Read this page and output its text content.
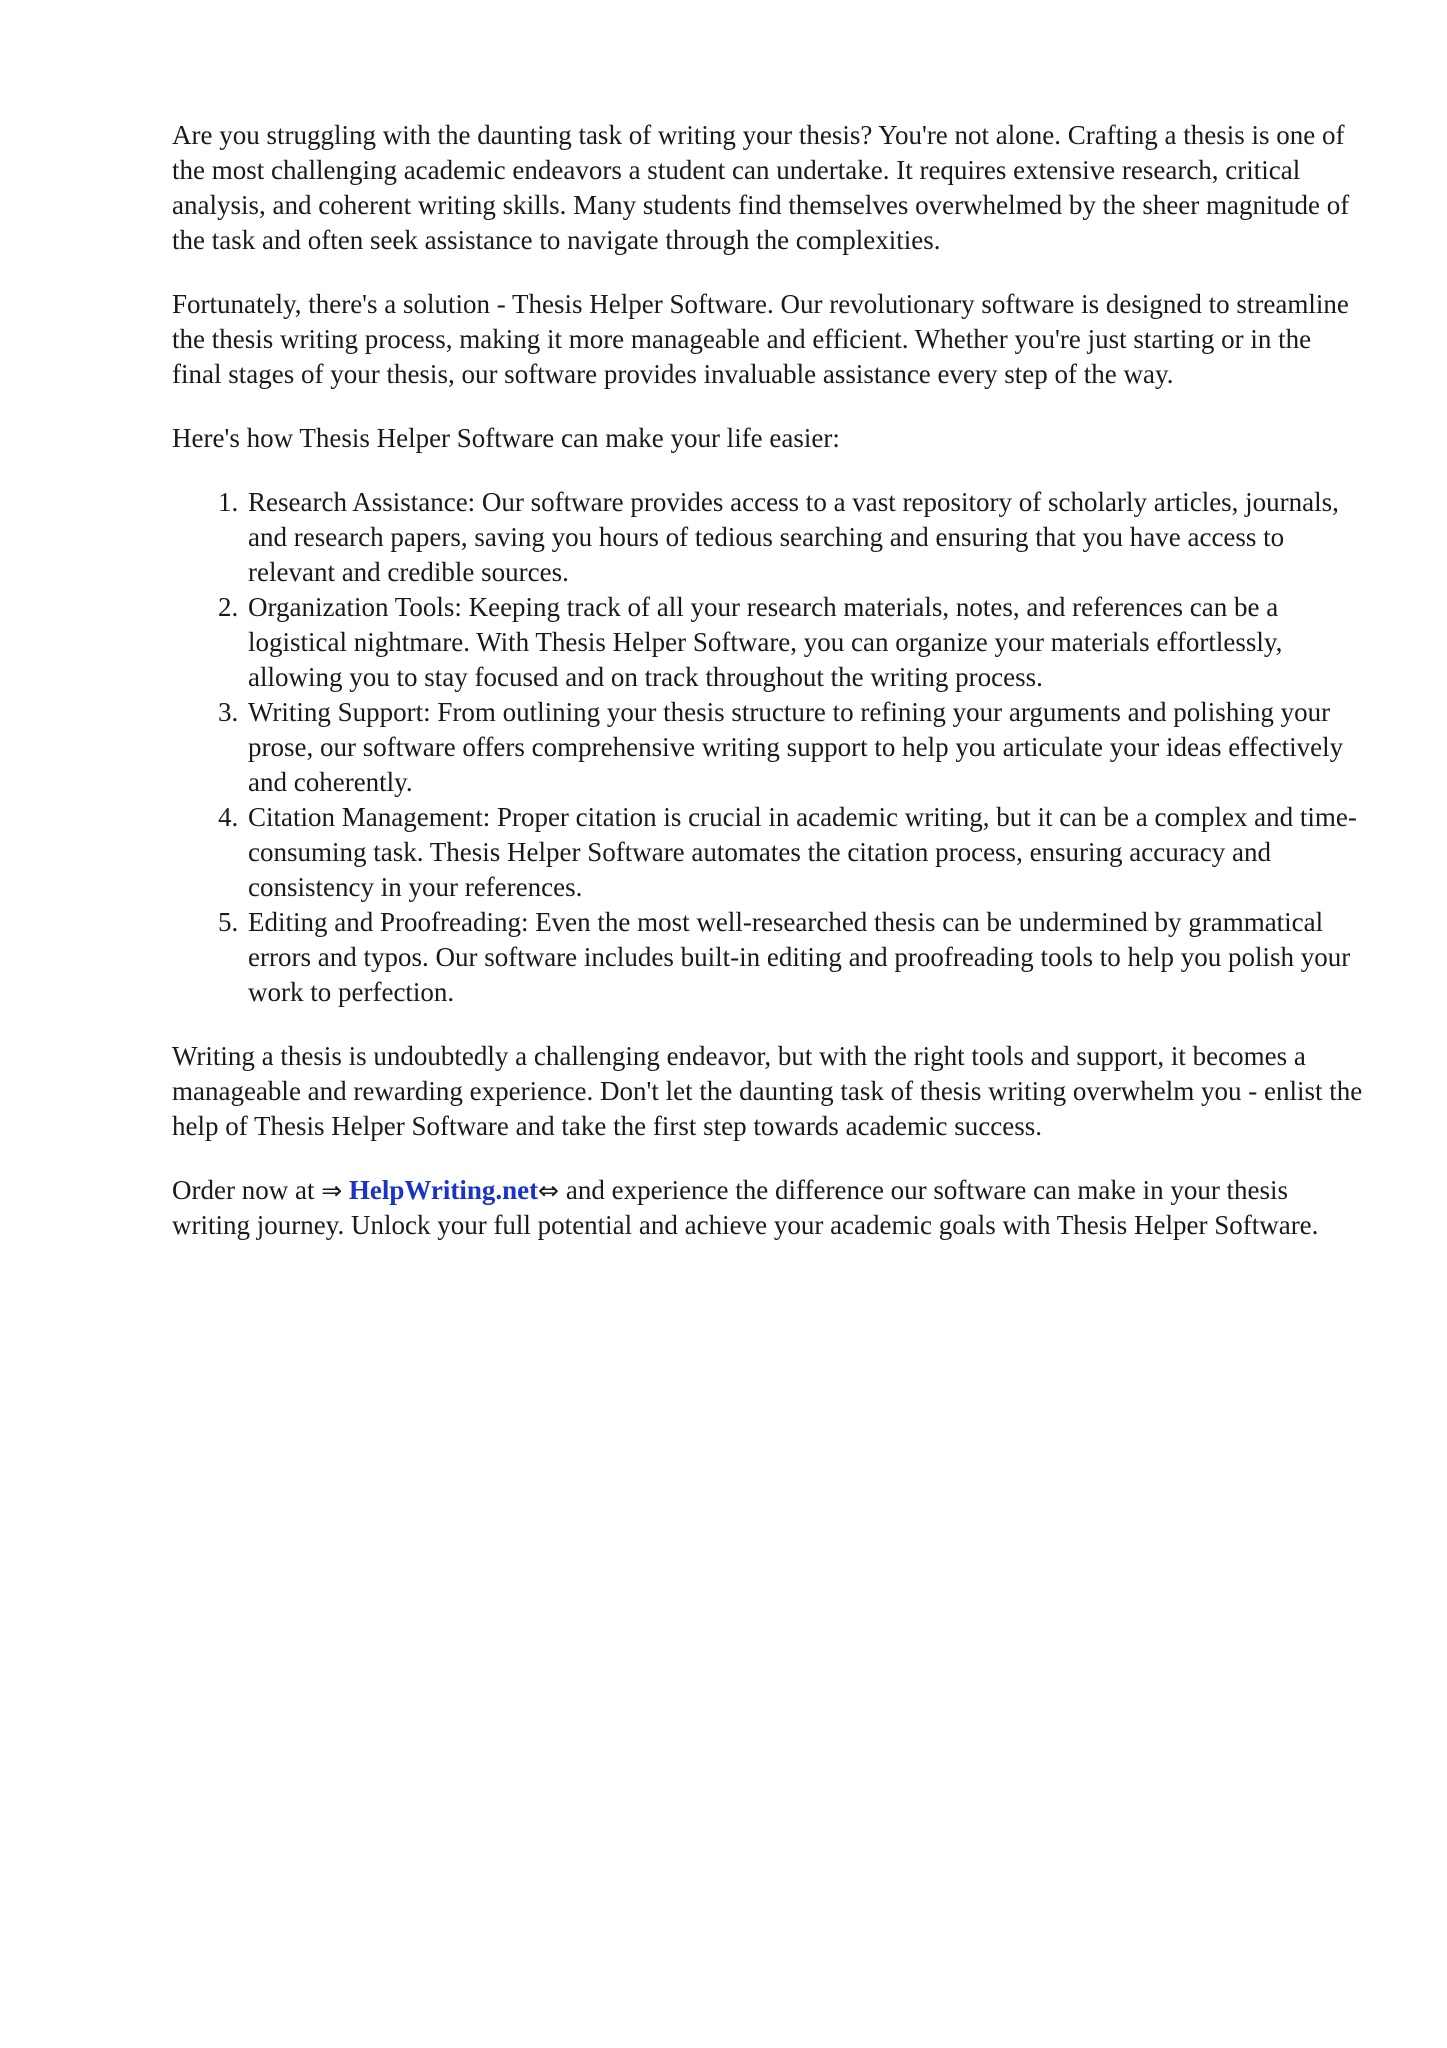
Are you struggling with the daunting task of writing your thesis? You're not alone. Crafting a thesis is one of the most challenging academic endeavors a student can undertake. It requires extensive research, critical analysis, and coherent writing skills. Many students find themselves overwhelmed by the sheer magnitude of the task and often seek assistance to navigate through the complexities.

Fortunately, there's a solution - Thesis Helper Software. Our revolutionary software is designed to streamline the thesis writing process, making it more manageable and efficient. Whether you're just starting or in the final stages of your thesis, our software provides invaluable assistance every step of the way.

Here's how Thesis Helper Software can make your life easier:

1. Research Assistance: Our software provides access to a vast repository of scholarly articles, journals, and research papers, saving you hours of tedious searching and ensuring that you have access to relevant and credible sources.
2. Organization Tools: Keeping track of all your research materials, notes, and references can be a logistical nightmare. With Thesis Helper Software, you can organize your materials effortlessly, allowing you to stay focused and on track throughout the writing process.
3. Writing Support: From outlining your thesis structure to refining your arguments and polishing your prose, our software offers comprehensive writing support to help you articulate your ideas effectively and coherently.
4. Citation Management: Proper citation is crucial in academic writing, but it can be a complex and time-consuming task. Thesis Helper Software automates the citation process, ensuring accuracy and consistency in your references.
5. Editing and Proofreading: Even the most well-researched thesis can be undermined by grammatical errors and typos. Our software includes built-in editing and proofreading tools to help you polish your work to perfection.

Writing a thesis is undoubtedly a challenging endeavor, but with the right tools and support, it becomes a manageable and rewarding experience. Don't let the daunting task of thesis writing overwhelm you - enlist the help of Thesis Helper Software and take the first step towards academic success.

Order now at ⇒ HelpWriting.net⇔ and experience the difference our software can make in your thesis writing journey. Unlock your full potential and achieve your academic goals with Thesis Helper Software.
